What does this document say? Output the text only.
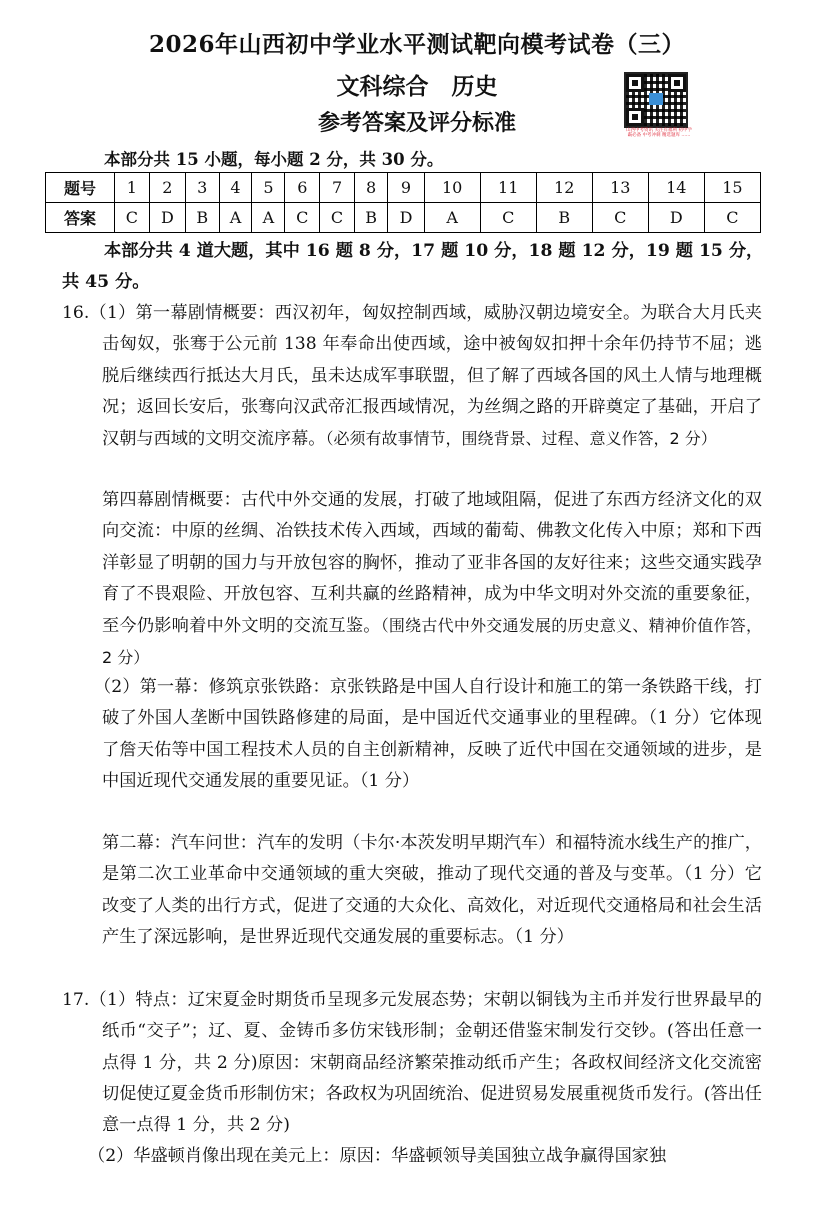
2026年山西初中学业水平测试靶向模考试卷（三）
文科综合　历史
参考答案及评分标准	山西中考资讯 关注有福利 初中学霸必备 中考冲刺 精选题库 ……
本部分共 15 小题，每小题 2 分，共 30 分。
题号	1	2	3	4	5	6	7	8	9	10	11	12	13	14	15
答案	C	D	B	A	A	C	C	B	D	A	C	B	C	D	C
本部分共 4 道大题，其中 16 题 8 分，17 题 10 分，18 题 12 分，19 题 15 分，
共 45 分。
16.（1）第一幕剧情概要：西汉初年，匈奴控制西域，威胁汉朝边境安全。为联合大月氏夹击匈奴，张骞于公元前 138 年奉命出使西域，途中被匈奴扣押十余年仍持节不屈；逃脱后继续西行抵达大月氏，虽未达成军事联盟，但了解了西域各国的风土人情与地理概况；返回长安后，张骞向汉武帝汇报西域情况，为丝绸之路的开辟奠定了基础，开启了汉朝与西域的文明交流序幕。（必须有故事情节，围绕背景、过程、意义作答，2 分）
第四幕剧情概要：古代中外交通的发展，打破了地域阻隔，促进了东西方经济文化的双向交流：中原的丝绸、冶铁技术传入西域，西域的葡萄、佛教文化传入中原；郑和下西洋彰显了明朝的国力与开放包容的胸怀，推动了亚非各国的友好往来；这些交通实践孕育了不畏艰险、开放包容、互利共赢的丝路精神，成为中华文明对外交流的重要象征，至今仍影响着中外文明的交流互鉴。（围绕古代中外交通发展的历史意义、精神价值作答，2 分）
（2）第一幕：修筑京张铁路：京张铁路是中国人自行设计和施工的第一条铁路干线，打破了外国人垄断中国铁路修建的局面，是中国近代交通事业的里程碑。（1 分）它体现了詹天佑等中国工程技术人员的自主创新精神，反映了近代中国在交通领域的进步，是中国近现代交通发展的重要见证。（1 分）
第二幕：汽车问世：汽车的发明（卡尔·本茨发明早期汽车）和福特流水线生产的推广，是第二次工业革命中交通领域的重大突破，推动了现代交通的普及与变革。（1 分）它改变了人类的出行方式，促进了交通的大众化、高效化，对近现代交通格局和社会生活产生了深远影响，是世界近现代交通发展的重要标志。（1 分）
17.（1）特点：辽宋夏金时期货币呈现多元发展态势；宋朝以铜钱为主币并发行世界最早的纸币“交子”；辽、夏、金铸币多仿宋钱形制；金朝还借鉴宋制发行交钞。(答出任意一点得 1 分，共 2 分)原因：宋朝商品经济繁荣推动纸币产生；各政权间经济文化交流密切促使辽夏金货币形制仿宋；各政权为巩固统治、促进贸易发展重视货币发行。(答出任意一点得 1 分，共 2 分)
（2）华盛顿肖像出现在美元上：原因：华盛顿领导美国独立战争赢得国家独
